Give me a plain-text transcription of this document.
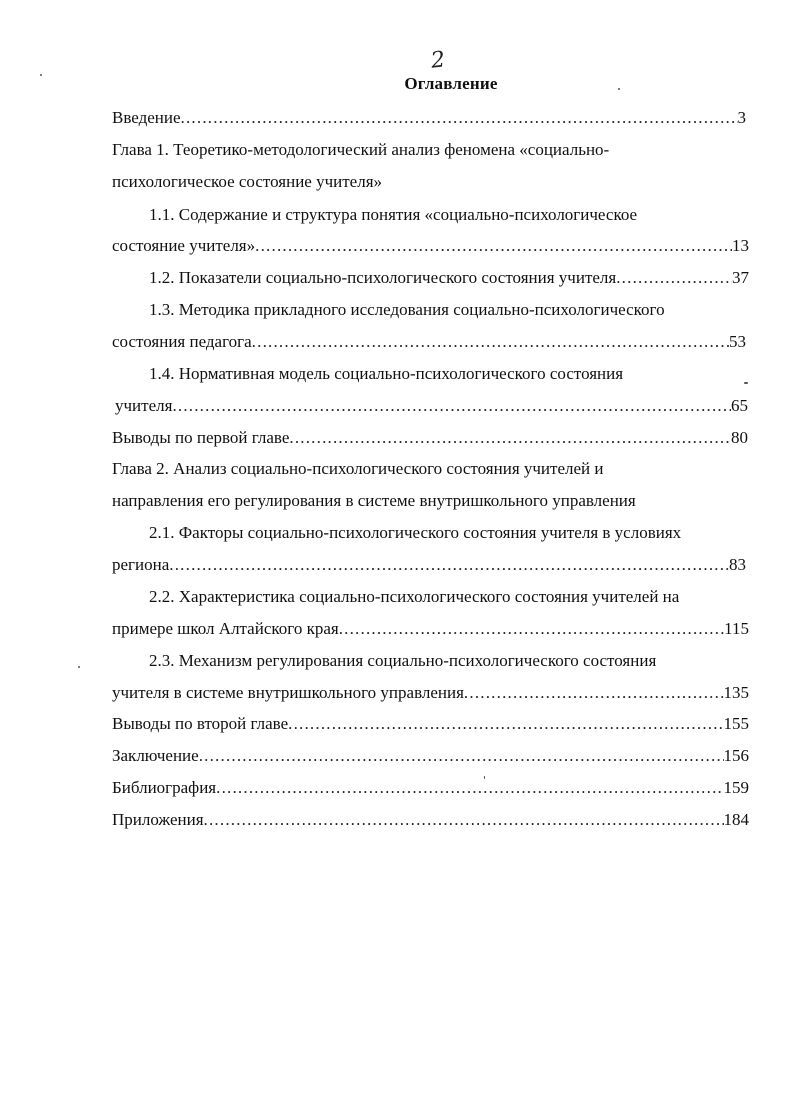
2
Оглавление
Введение .....	3
Глава 1. Теоретико-методологический анализ феномена «социально-
психологическое состояние учителя»
1.1. Содержание и структура понятия «социально-психологическое
состояние учителя» .....	13
1.2. Показатели социально-психологического состояния учителя .....	37
1.3. Методика прикладного исследования социально-психологического
состояния педагога .....	53
1.4. Нормативная модель социально-психологического состояния
учителя .....	65
Выводы по первой главе .....	80
Глава 2. Анализ социально-психологического состояния учителей и
направления его регулирования в системе внутришкольного управления
2.1. Факторы социально-психологического состояния учителя в условиях
региона .....	83
2.2. Характеристика социально-психологического состояния учителей на
примере школ Алтайского края .....	115
2.3. Механизм регулирования социально-психологического состояния
учителя в системе внутришкольного управления .....	135
Выводы по второй главе .....	155
Заключение .....	156
Библиография .....	159
Приложения .....	184
